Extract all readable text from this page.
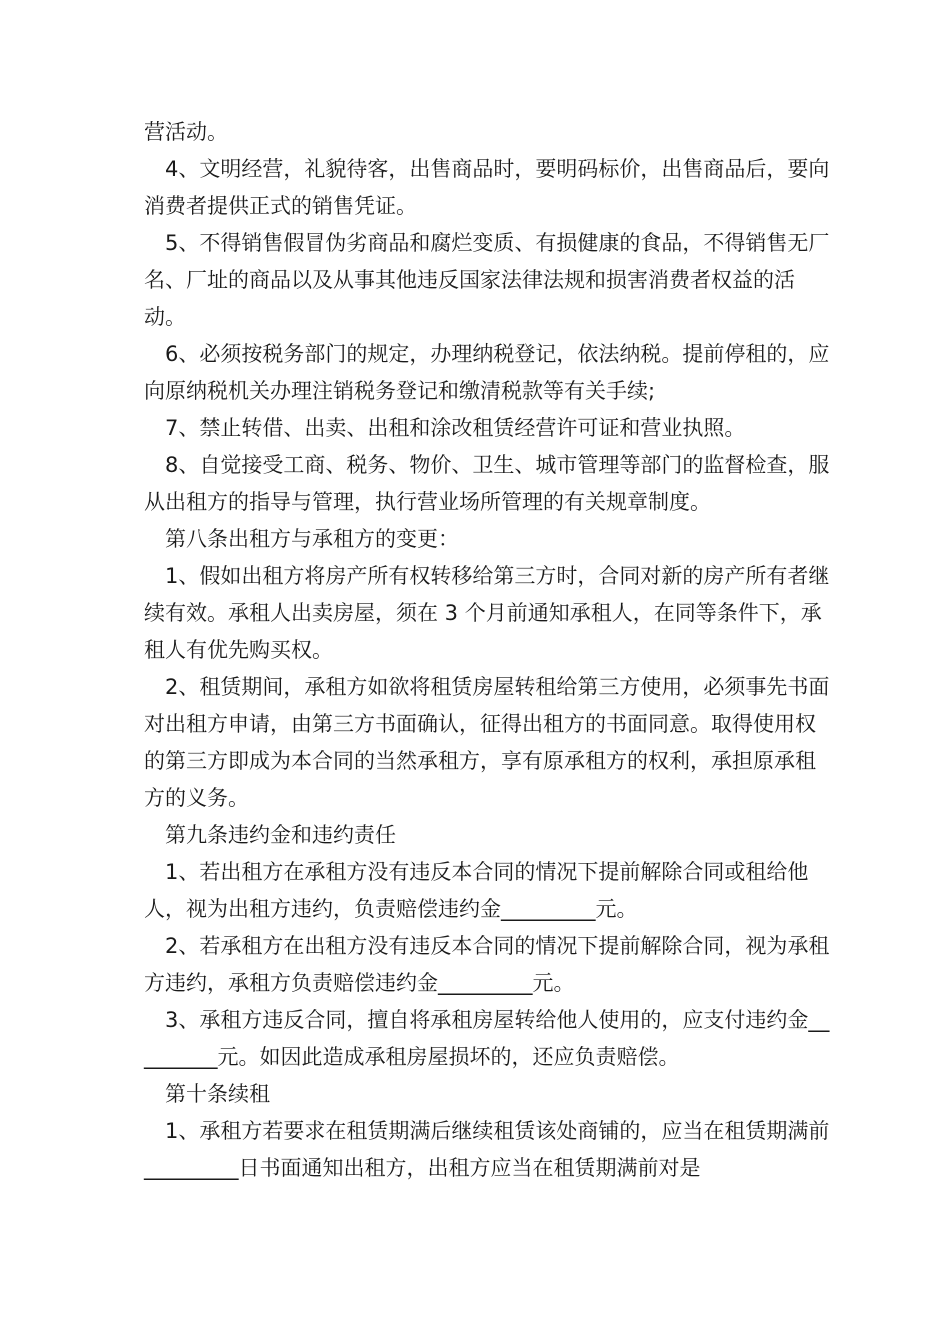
营活动。

4、文明经营，礼貌待客，出售商品时，要明码标价，出售商品后，要向消费者提供正式的销售凭证。

5、不得销售假冒伪劣商品和腐烂变质、有损健康的食品，不得销售无厂名、厂址的商品以及从事其他违反国家法律法规和损害消费者权益的活动。

6、必须按税务部门的规定，办理纳税登记，依法纳税。提前停租的，应向原纳税机关办理注销税务登记和缴清税款等有关手续;

7、禁止转借、出卖、出租和涂改租赁经营许可证和营业执照。

8、自觉接受工商、税务、物价、卫生、城市管理等部门的监督检查，服从出租方的指导与管理，执行营业场所管理的有关规章制度。

第八条出租方与承租方的变更：

1、假如出租方将房产所有权转移给第三方时，合同对新的房产所有者继续有效。承租人出卖房屋，须在 3 个月前通知承租人，在同等条件下，承租人有优先购买权。

2、租赁期间，承租方如欲将租赁房屋转租给第三方使用，必须事先书面对出租方申请，由第三方书面确认，征得出租方的书面同意。取得使用权的第三方即成为本合同的当然承租方，享有原承租方的权利，承担原承租方的义务。

第九条违约金和违约责任

1、若出租方在承租方没有违反本合同的情况下提前解除合同或租给他人，视为出租方违约，负责赔偿违约金_________元。

2、若承租方在出租方没有违反本合同的情况下提前解除合同，视为承租方违约，承租方负责赔偿违约金_________元。

3、承租方违反合同，擅自将承租房屋转给他人使用的，应支付违约金_________元。如因此造成承租房屋损坏的，还应负责赔偿。

第十条续租

1、承租方若要求在租赁期满后继续租赁该处商铺的，应当在租赁期满前_________日书面通知出租方，出租方应当在租赁期满前对是
